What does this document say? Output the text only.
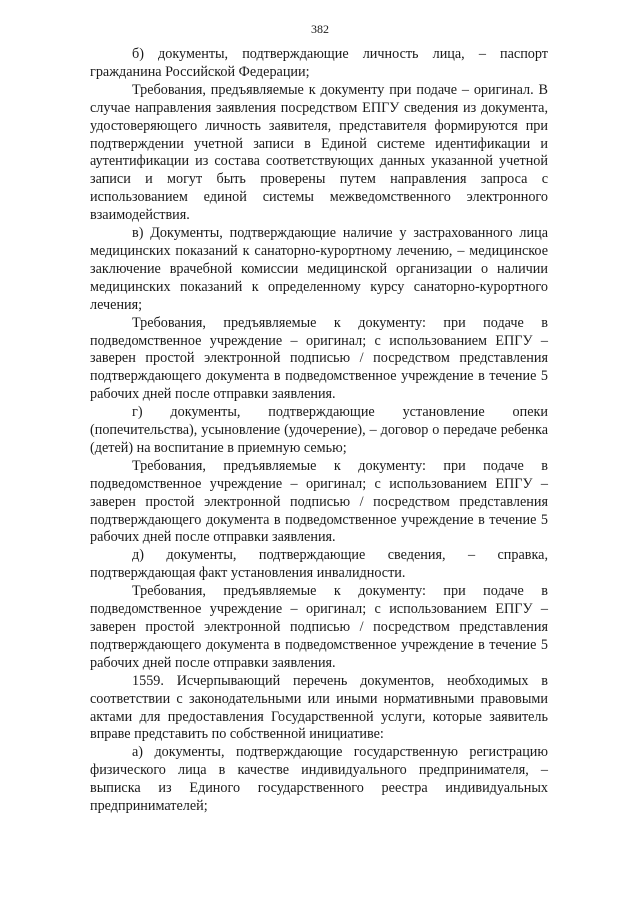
382

б) документы, подтверждающие личность лица, – паспорт гражданина Российской Федерации;

Требования, предъявляемые к документу при подаче – оригинал. В случае направления заявления посредством ЕПГУ сведения из документа, удостоверяющего личность заявителя, представителя формируются при подтверждении учетной записи в Единой системе идентификации и аутентификации из состава соответствующих данных указанной учетной записи и могут быть проверены путем направления запроса с использованием единой системы межведомственного электронного взаимодействия.

в) Документы, подтверждающие наличие у застрахованного лица медицинских показаний к санаторно-курортному лечению, – медицинское заключение врачебной комиссии медицинской организации о наличии медицинских показаний к определенному курсу санаторно-курортного лечения;

Требования, предъявляемые к документу: при подаче в подведомственное учреждение – оригинал; с использованием ЕПГУ – заверен простой электронной подписью / посредством представления подтверждающего документа в подведомственное учреждение в течение 5 рабочих дней после отправки заявления.

г) документы, подтверждающие установление опеки (попечительства), усыновление (удочерение), – договор о передаче ребенка (детей) на воспитание в приемную семью;

Требования, предъявляемые к документу: при подаче в подведомственное учреждение – оригинал; с использованием ЕПГУ – заверен простой электронной подписью / посредством представления подтверждающего документа в подведомственное учреждение в течение 5 рабочих дней после отправки заявления.

д) документы, подтверждающие сведения, – справка, подтверждающая факт установления инвалидности.

Требования, предъявляемые к документу: при подаче в подведомственное учреждение – оригинал; с использованием ЕПГУ – заверен простой электронной подписью / посредством представления подтверждающего документа в подведомственное учреждение в течение 5 рабочих дней после отправки заявления.

1559. Исчерпывающий перечень документов, необходимых в соответствии с законодательными или иными нормативными правовыми актами для предоставления Государственной услуги, которые заявитель вправе представить по собственной инициативе:

а) документы, подтверждающие государственную регистрацию физического лица в качестве индивидуального предпринимателя, – выписка из Единого государственного реестра индивидуальных предпринимателей;
